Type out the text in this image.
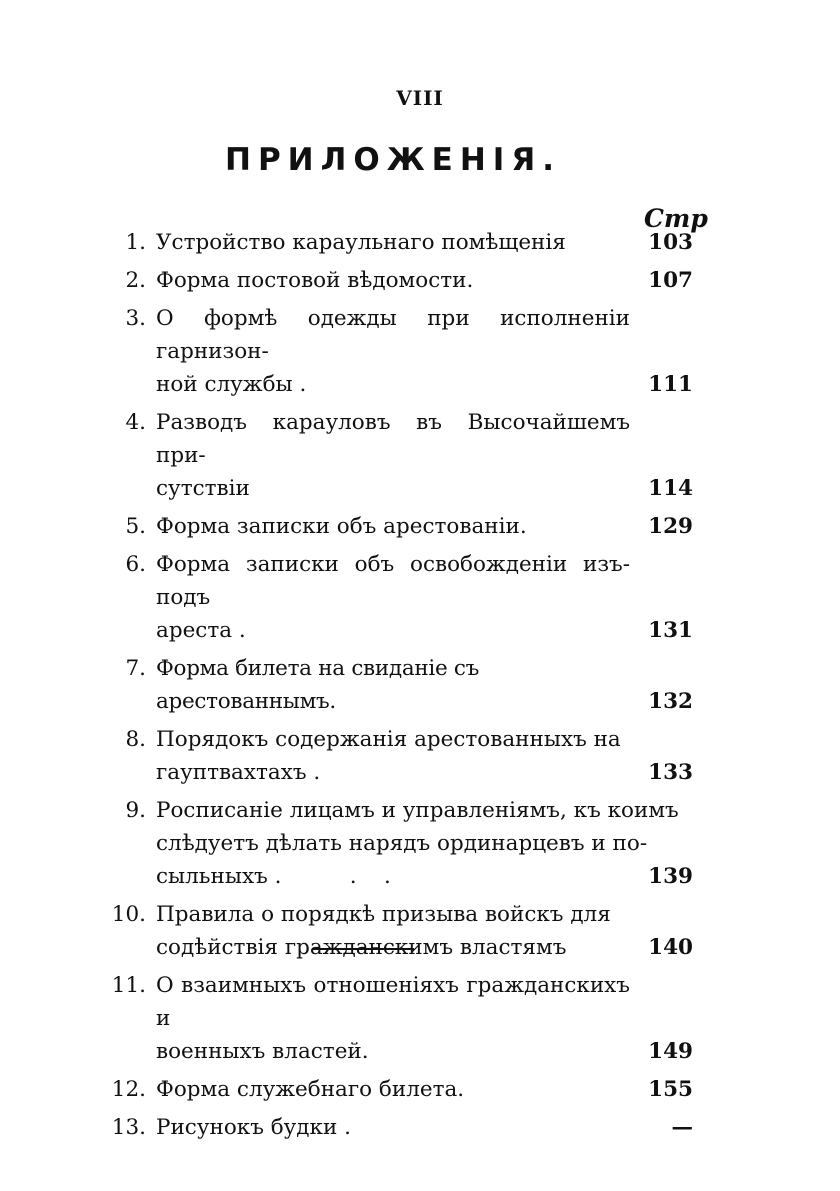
VIII
ПРИЛОЖЕНIЯ.
Стр
1. Устройство караульнаго помѣщенія	103
2. Форма постовой вѣдомости.	107
3. О формѣ одежды при исполненіи гарнизон-
ной службы .	111
4. Разводъ карауловъ въ Высочайшемъ при-
сутствіи	114
5. Форма записки объ арестованіи.	129
6. Форма записки объ освобожденіи изъ-подъ
ареста .	131
7. Форма билета на свиданіе съ арестованнымъ.	132
8. Порядокъ содержанія арестованныхъ на
гауптвахтахъ .	133
9. Росписаніе лицамъ и управленіямъ, къ коимъ
слѣдуетъ дѣлать нарядъ ординарцевъ и по-
сыльныхъ .          .    .	139
10. Правила о порядкѣ призыва войскъ для
содѣйствія гражданскимъ властямъ	140
11. О взаимныхъ отношеніяхъ гражданскихъ и
военныхъ властей.	149
12. Форма служебнаго билета.	155
13. Рисунокъ будки .	—
